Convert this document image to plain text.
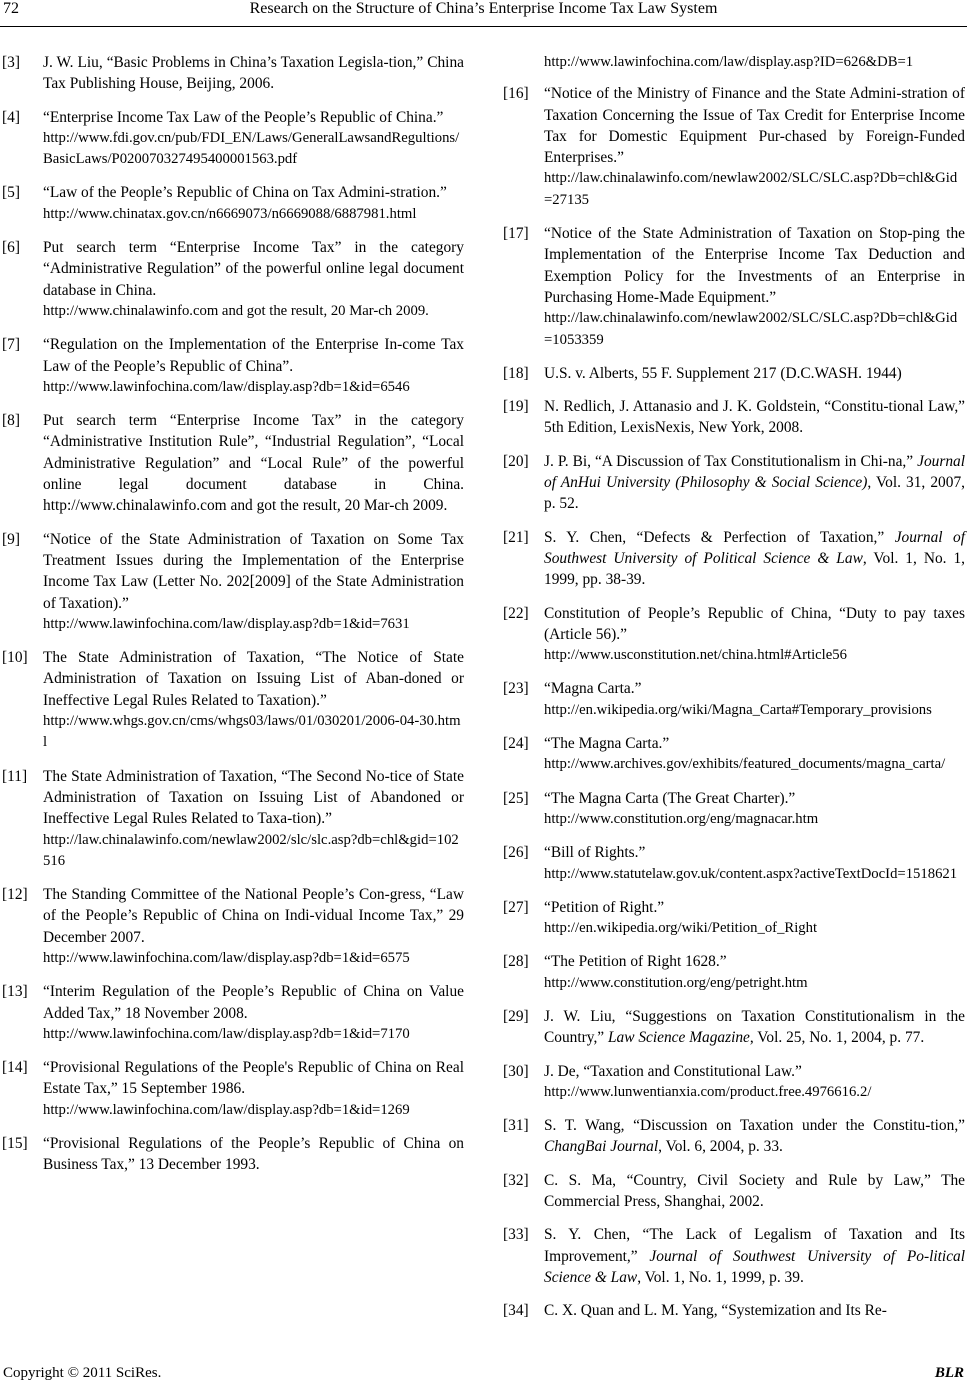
72	Research on the Structure of China’s Enterprise Income Tax Law System
[3] J. W. Liu, “Basic Problems in China’s Taxation Legisla-tion,” China Tax Publishing House, Beijing, 2006.
[4] “Enterprise Income Tax Law of the People’s Republic of China.”
http://www.fdi.gov.cn/pub/FDI_EN/Laws/GeneralLawsandRegultions/BasicLaws/P020070327495400001563.pdf
[5] “Law of the People’s Republic of China on Tax Admini-stration.”
http://www.chinatax.gov.cn/n6669073/n6669088/6887981.html
[6] Put search term “Enterprise Income Tax” in the category “Administrative Regulation” of the powerful online legal document database in China.
http://www.chinalawinfo.com and got the result, 20 Mar-ch 2009.
[7] “Regulation on the Implementation of the Enterprise In-come Tax Law of the People’s Republic of China”.
http://www.lawinfochina.com/law/display.asp?db=1&id=6546
[8] Put search term “Enterprise Income Tax” in the category “Administrative Institution Rule”, “Industrial Regulation”, “Local Administrative Regulation” and “Local Rule” of the powerful online legal document database in China. http://www.chinalawinfo.com and got the result, 20 Mar-ch 2009.
[9] “Notice of the State Administration of Taxation on Some Tax Treatment Issues during the Implementation of the Enterprise Income Tax Law (Letter No. 202[2009] of the State Administration of Taxation).”
http://www.lawinfochina.com/law/display.asp?db=1&id=7631
[10] The State Administration of Taxation, “The Notice of State Administration of Taxation on Issuing List of Aban-doned or Ineffective Legal Rules Related to Taxation).”
http://www.whgs.gov.cn/cms/whgs03/laws/01/030201/2006-04-30.html
[11] The State Administration of Taxation, “The Second No-tice of State Administration of Taxation on Issuing List of Abandoned or Ineffective Legal Rules Related to Taxa-tion).”
http://law.chinalawinfo.com/newlaw2002/slc/slc.asp?db=chl&gid=102516
[12] The Standing Committee of the National People’s Con-gress, “Law of the People’s Republic of China on Indi-vidual Income Tax,” 29 December 2007.
http://www.lawinfochina.com/law/display.asp?db=1&id=6575
[13] “Interim Regulation of the People’s Republic of China on Value Added Tax,” 18 November 2008.
http://www.lawinfochina.com/law/display.asp?db=1&id=7170
[14] “Provisional Regulations of the People's Republic of China on Real Estate Tax,” 15 September 1986.
http://www.lawinfochina.com/law/display.asp?db=1&id=1269
[15] “Provisional Regulations of the People’s Republic of China on Business Tax,” 13 December 1993.
http://www.lawinfochina.com/law/display.asp?ID=626&DB=1
[16] “Notice of the Ministry of Finance and the State Admini-stration of Taxation Concerning the Issue of Tax Credit for Enterprise Income Tax for Domestic Equipment Pur-chased by Foreign-Funded Enterprises.”
http://law.chinalawinfo.com/newlaw2002/SLC/SLC.asp?Db=chl&Gid=27135
[17] “Notice of the State Administration of Taxation on Stop-ping the Implementation of the Enterprise Income Tax Deduction and Exemption Policy for the Investments of an Enterprise in Purchasing Home-Made Equipment.”
http://law.chinalawinfo.com/newlaw2002/SLC/SLC.asp?Db=chl&Gid=1053359
[18] U.S. v. Alberts, 55 F. Supplement 217 (D.C.WASH. 1944)
[19] N. Redlich, J. Attanasio and J. K. Goldstein, “Constitu-tional Law,” 5th Edition, LexisNexis, New York, 2008.
[20] J. P. Bi, “A Discussion of Tax Constitutionalism in Chi-na,” Journal of AnHui University (Philosophy & Social Science), Vol. 31, 2007, p. 52.
[21] S. Y. Chen, “Defects & Perfection of Taxation,” Journal of Southwest University of Political Science & Law, Vol. 1, No. 1, 1999, pp. 38-39.
[22] Constitution of People’s Republic of China, “Duty to pay taxes (Article 56).”
http://www.usconstitution.net/china.html#Article56
[23] “Magna Carta.”
http://en.wikipedia.org/wiki/Magna_Carta#Temporary_provisions
[24] “The Magna Carta.”
http://www.archives.gov/exhibits/featured_documents/magna_carta/
[25] “The Magna Carta (The Great Charter).”
http://www.constitution.org/eng/magnacar.htm
[26] “Bill of Rights.”
http://www.statutelaw.gov.uk/content.aspx?activeTextDocId=1518621
[27] “Petition of Right.”
http://en.wikipedia.org/wiki/Petition_of_Right
[28] “The Petition of Right 1628.”
http://www.constitution.org/eng/petright.htm
[29] J. W. Liu, “Suggestions on Taxation Constitutionalism in the Country,” Law Science Magazine, Vol. 25, No. 1, 2004, p. 77.
[30] J. De, “Taxation and Constitutional Law.”
http://www.lunwentianxia.com/product.free.4976616.2/
[31] S. T. Wang, “Discussion on Taxation under the Constitu-tion,” ChangBai Journal, Vol. 6, 2004, p. 33.
[32] C. S. Ma, “Country, Civil Society and Rule by Law,” The Commercial Press, Shanghai, 2002.
[33] S. Y. Chen, “The Lack of Legalism of Taxation and Its Improvement,” Journal of Southwest University of Po-litical Science & Law, Vol. 1, No. 1, 1999, p. 39.
[34] C. X. Quan and L. M. Yang, “Systemization and Its Re-
Copyright © 2011 SciRes.	BLR
